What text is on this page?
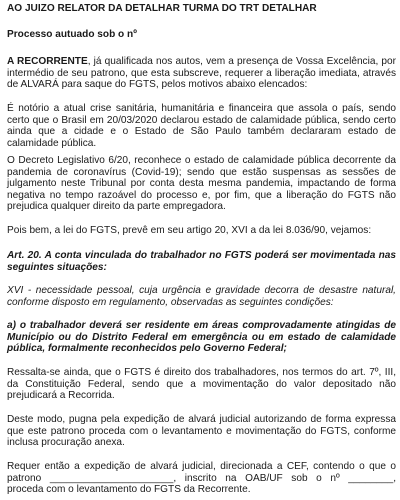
AO JUIZO RELATOR DA DETALHAR TURMA DO TRT DETALHAR
Processo autuado sob o nº

A RECORRENTE, já qualificada nos autos, vem a presença de Vossa Excelência, por intermédio de seu patrono, que esta subscreve, requerer a liberação imediata, através de ALVARÁ para saque do FGTS, pelos motivos abaixo elencados:

É notório a atual crise sanitária, humanitária e financeira que assola o país, sendo certo que o Brasil em 20/03/2020 declarou estado de calamidade pública, sendo certo ainda que a cidade e o Estado de São Paulo também declararam estado de calamidade pública.

O Decreto Legislativo 6/20, reconhece o estado de calamidade pública decorrente da pandemia de coronavírus (Covid-19); sendo que estão suspensas as sessões de julgamento neste Tribunal por conta desta mesma pandemia, impactando de forma negativa no tempo razoável do processo e, por fim, que a liberação do FGTS não prejudica qualquer direito da parte empregadora.

Pois bem, a lei do FGTS, prevê em seu artigo 20, XVI a da lei 8.036/90, vejamos:

Art. 20. A conta vinculada do trabalhador no FGTS poderá ser movimentada nas seguintes situações:

XVI - necessidade pessoal, cuja urgência e gravidade decorra de desastre natural, conforme disposto em regulamento, observadas as seguintes condições:

a) o trabalhador deverá ser residente em áreas comprovadamente atingidas de Município ou do Distrito Federal em emergência ou em estado de calamidade pública, formalmente reconhecidos pelo Governo Federal;

Ressalta-se ainda, que o FGTS é direito dos trabalhadores, nos termos do art. 7º, III, da Constituição Federal, sendo que a movimentação do valor depositado não prejudicará a Recorrida.

Deste modo, pugna pela expedição de alvará judicial autorizando de forma expressa que este patrono proceda com o levantamento e movimentação do FGTS, conforme inclusa procuração anexa.

Requer então a expedição de alvará judicial, direcionada a CEF, contendo o que o
patrono ______________________, inscrito na OAB/UF sob o nº ________,
proceda com o levantamento do FGTS da Recorrente.
